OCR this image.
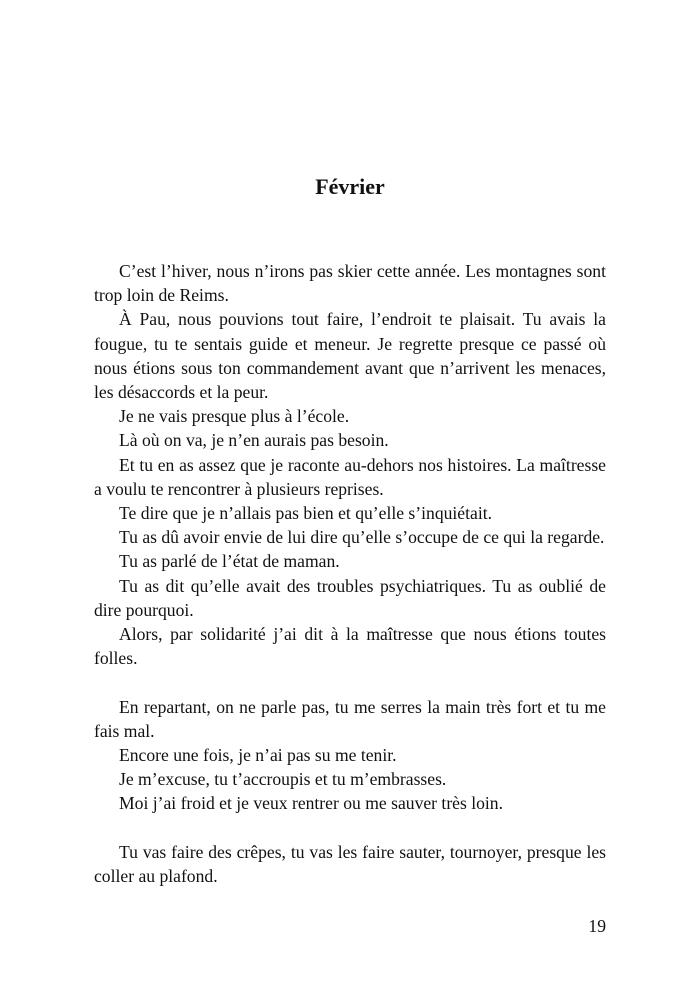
Février

C’est l’hiver, nous n’irons pas skier cette année. Les montagnes sont trop loin de Reims.

À Pau, nous pouvions tout faire, l’endroit te plaisait. Tu avais la fougue, tu te sentais guide et meneur. Je regrette presque ce passé où nous étions sous ton commandement avant que n’arrivent les menaces, les désaccords et la peur.

Je ne vais presque plus à l’école.

Là où on va, je n’en aurais pas besoin.

Et tu en as assez que je raconte au-dehors nos histoires. La maîtresse a voulu te rencontrer à plusieurs reprises.

Te dire que je n’allais pas bien et qu’elle s’inquiétait.

Tu as dû avoir envie de lui dire qu’elle s’occupe de ce qui la regarde.

Tu as parlé de l’état de maman.

Tu as dit qu’elle avait des troubles psychiatriques. Tu as oublié de dire pourquoi.

Alors, par solidarité j’ai dit à la maîtresse que nous étions toutes folles.

En repartant, on ne parle pas, tu me serres la main très fort et tu me fais mal.

Encore une fois, je n’ai pas su me tenir.

Je m’excuse, tu t’accroupis et tu m’embrasses.

Moi j’ai froid et je veux rentrer ou me sauver très loin.

Tu vas faire des crêpes, tu vas les faire sauter, tournoyer, presque les coller au plafond.

19
